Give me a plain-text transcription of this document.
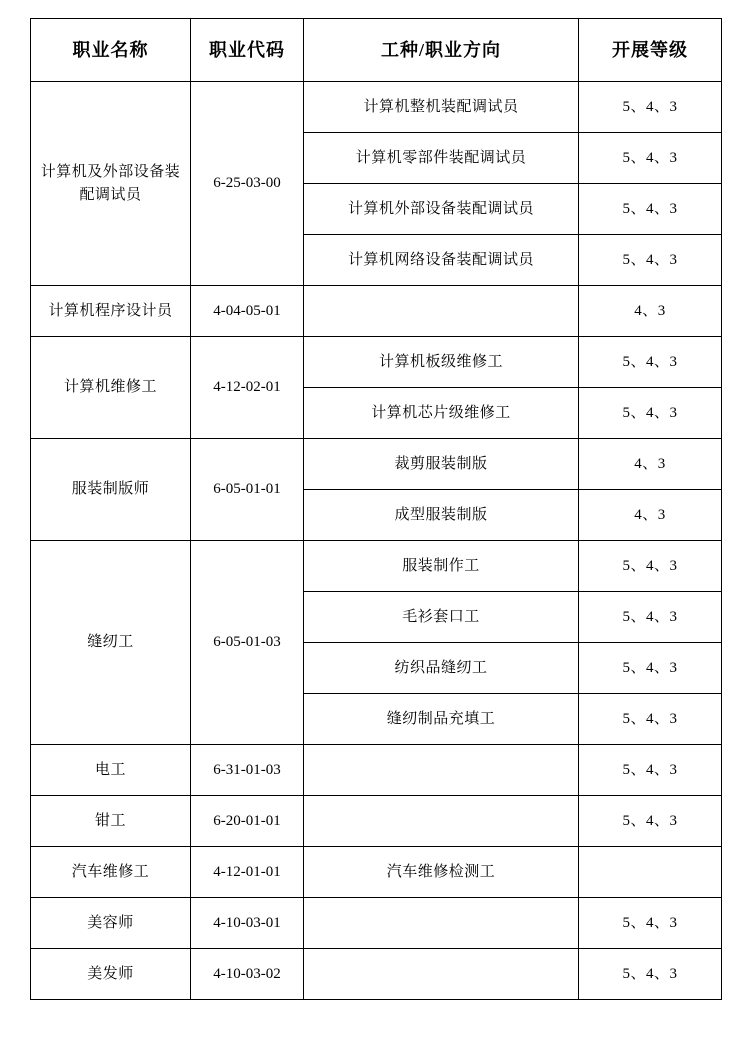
职业名称	职业代码	工种/职业方向	开展等级
计算机及外部设备装配调试员	6-25-03-00	计算机整机装配调试员	5、4、3
		计算机零部件装配调试员	5、4、3
		计算机外部设备装配调试员	5、4、3
		计算机网络设备装配调试员	5、4、3
计算机程序设计员	4-04-05-01		4、3
计算机维修工	4-12-02-01	计算机板级维修工	5、4、3
		计算机芯片级维修工	5、4、3
服装制版师	6-05-01-01	裁剪服装制版	4、3
		成型服装制版	4、3
缝纫工	6-05-01-03	服装制作工	5、4、3
		毛衫套口工	5、4、3
		纺织品缝纫工	5、4、3
		缝纫制品充填工	5、4、3
电工	6-31-01-03		5、4、3
钳工	6-20-01-01		5、4、3
汽车维修工	4-12-01-01	汽车维修检测工	
美容师	4-10-03-01		5、4、3
美发师	4-10-03-02		5、4、3
